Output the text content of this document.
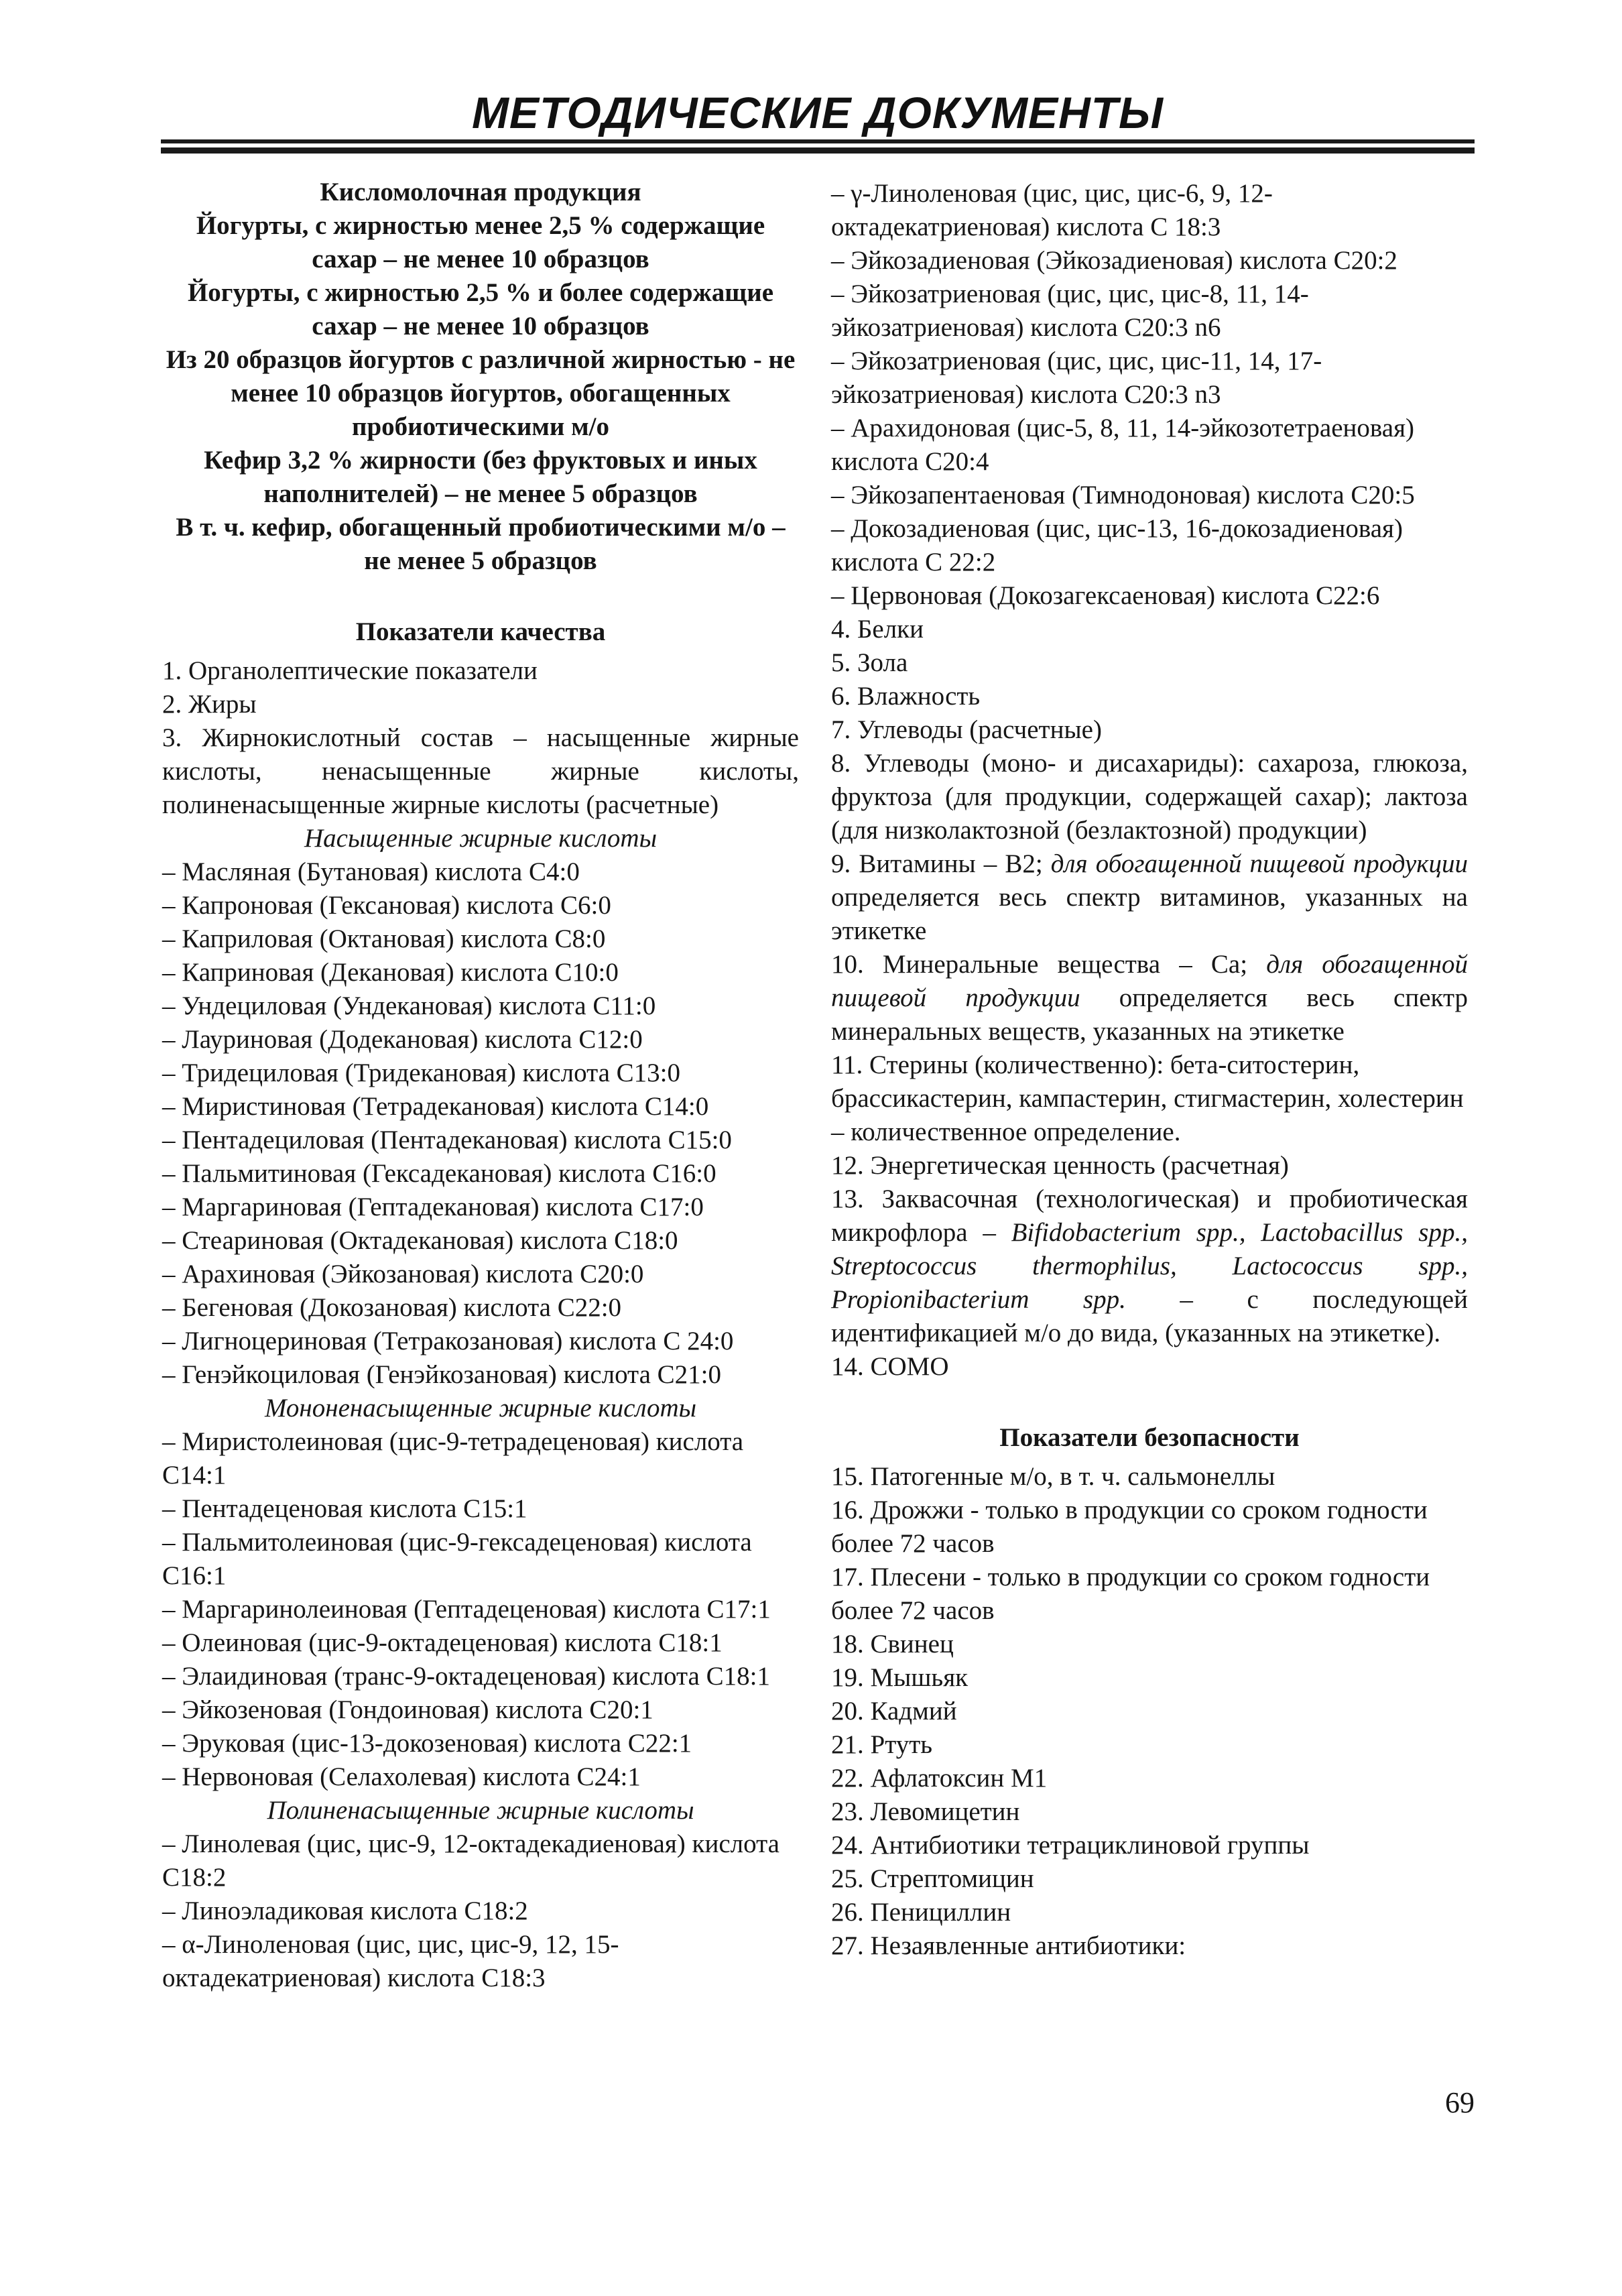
МЕТОДИЧЕСКИЕ ДОКУМЕНТЫ

Кисломолочная продукция

Йогурты, с жирностью менее 2,5 % содержащие сахар – не менее 10 образцов

Йогурты, с жирностью 2,5 % и более содержащие сахар – не менее 10 образцов

Из 20 образцов йогуртов с различной жирностью - не менее 10 образцов йогуртов, обогащенных пробиотическими м/о

Кефир 3,2 % жирности (без фруктовых и иных наполнителей) – не менее 5 образцов

В т. ч. кефир, обогащенный пробиотическими м/о – не менее 5 образцов

Показатели качества

1. Органолептические показатели

2. Жиры

3. Жирнокислотный состав – насыщенные жирные кислоты, ненасыщенные жирные кислоты, полиненасыщенные жирные кислоты (расчетные)

Насыщенные жирные кислоты

– Масляная (Бутановая) кислота С4:0

– Капроновая (Гексановая) кислота С6:0

– Каприловая (Октановая) кислота С8:0

– Каприновая (Декановая) кислота С10:0

– Ундециловая (Ундекановая) кислота С11:0

– Лауриновая (Додекановая) кислота С12:0

– Тридециловая (Тридекановая) кислота С13:0

– Миристиновая (Тетрадекановая) кислота С14:0

– Пентадециловая (Пентадекановая) кислота С15:0

– Пальмитиновая (Гексадекановая) кислота С16:0

– Маргариновая (Гептадекановая) кислота С17:0

– Стеариновая (Октадекановая) кислота С18:0

– Арахиновая (Эйкозановая) кислота С20:0

– Бегеновая (Докозановая) кислота С22:0

– Лигноцериновая (Тетракозановая) кислота С 24:0

– Генэйкоциловая (Генэйкозановая) кислота С21:0

Мононенасыщенные жирные кислоты

– Миристолеиновая (цис-9-тетрадеценовая) кислота С14:1

– Пентадеценовая кислота С15:1

– Пальмитолеиновая (цис-9-гексадеценовая) кислота С16:1

– Маргаринолеиновая (Гептадеценовая) кислота С17:1

– Олеиновая (цис-9-октадеценовая) кислота С18:1

– Элаидиновая (транс-9-октадеценовая) кислота С18:1

– Эйкозеновая (Гондоиновая) кислота С20:1

– Эруковая (цис-13-докозеновая) кислота С22:1

– Нервоновая (Селахолевая) кислота С24:1

Полиненасыщенные жирные кислоты

– Линолевая (цис, цис-9, 12-октадекадиеновая) кислота С18:2

– Линоэладиковая кислота С18:2

– α-Линоленовая (цис, цис, цис-9, 12, 15-октадекатриеновая) кислота С18:3

– γ-Линоленовая (цис, цис, цис-6, 9, 12-октадекатриеновая) кислота С 18:3

– Эйкозадиеновая (Эйкозадиеновая) кислота С20:2

– Эйкозатриеновая (цис, цис, цис-8, 11, 14-эйкозатриеновая) кислота С20:3 n6

– Эйкозатриеновая (цис, цис, цис-11, 14, 17-эйкозатриеновая) кислота С20:3 n3

– Арахидоновая (цис-5, 8, 11, 14-эйкозотетраеновая) кислота С20:4

– Эйкозапентаеновая (Тимнодоновая) кислота С20:5

– Докозадиеновая (цис, цис-13, 16-докозадиеновая) кислота С 22:2

– Цервоновая (Докозагексаеновая) кислота С22:6

4. Белки

5. Зола

6. Влажность

7. Углеводы (расчетные)

8. Углеводы (моно- и дисахариды): сахароза, глюкоза, фруктоза (для продукции, содержащей сахар); лактоза (для низколактозной (безлактозной) продукции)

9. Витамины – В2; для обогащенной пищевой продукции определяется весь спектр витаминов, указанных на этикетке

10. Минеральные вещества – Са; для обогащенной пищевой продукции определяется весь спектр минеральных веществ, указанных на этикетке

11. Стерины (количественно): бета-ситостерин, брассикастерин, кампастерин, стигмастерин, холестерин – количественное определение.

12. Энергетическая ценность (расчетная)

13. Заквасочная (технологическая) и пробиотическая микрофлора – Bifidobacterium spp., Lactobacillus spp., Streptococcus thermophilus, Lactococcus spp., Propionibacterium spp. – с последующей идентификацией м/о до вида, (указанных на этикетке).

14. СОМО

Показатели безопасности

15. Патогенные м/о, в т. ч. сальмонеллы

16. Дрожжи - только в продукции со сроком годности более 72 часов

17. Плесени - только в продукции со сроком годности более 72 часов

18. Свинец

19. Мышьяк

20. Кадмий

21. Ртуть

22. Афлатоксин М1

23. Левомицетин

24. Антибиотики тетрациклиновой группы

25. Стрептомицин

26. Пенициллин

27. Незаявленные антибиотики:

69
